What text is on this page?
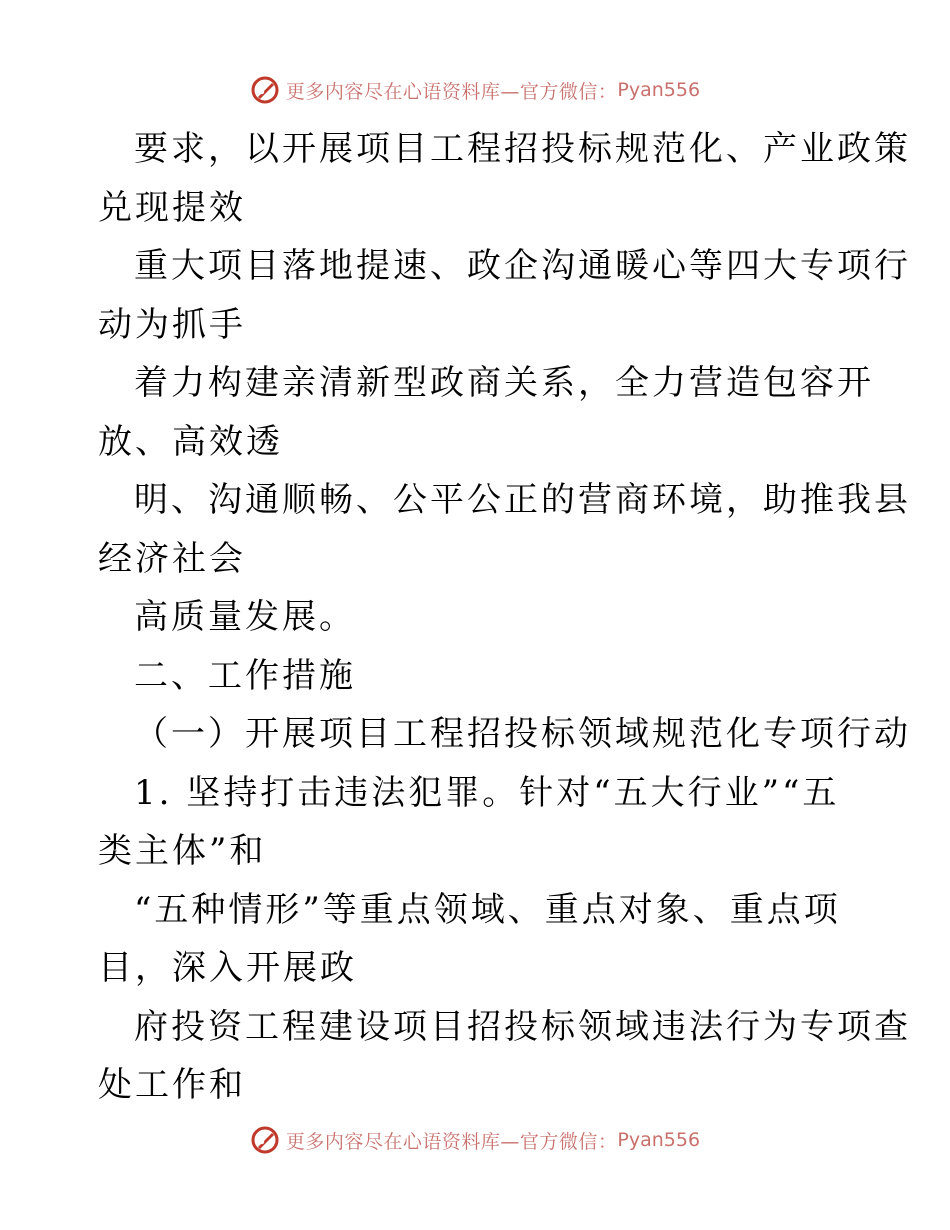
更多内容尽在心语资料库—官方微信： Pyan556
要求，以开展项目工程招投标规范化、产业政策
兑现提效
重大项目落地提速、政企沟通暖心等四大专项行
动为抓手
着力构建亲清新型政商关系，全力营造包容开
放、高效透
明、沟通顺畅、公平公正的营商环境，助推我县
经济社会
高质量发展。
二、工作措施
（一）开展项目工程招投标领域规范化专项行动
1. 坚持打击违法犯罪。针对“五大行业”“五
类主体”和
“五种情形”等重点领域、重点对象、重点项
目，深入开展政
府投资工程建设项目招投标领域违法行为专项查
处工作和
更多内容尽在心语资料库—官方微信： Pyan556
